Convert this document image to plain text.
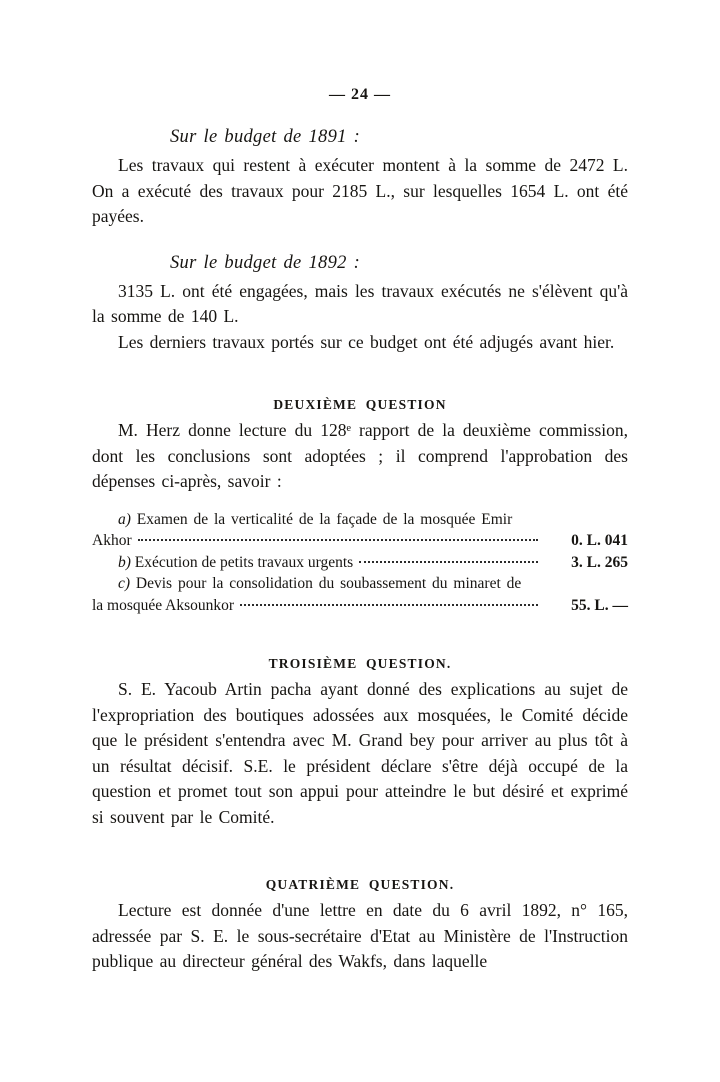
— 24 —
Sur le budget de 1891 :

Les travaux qui restent à exécuter montent à la somme de 2472 L. On a exécuté des travaux pour 2185 L., sur lesquelles 1654 L. ont été payées.

Sur le budget de 1892 :

3135 L. ont été engagées, mais les travaux exécutés ne s'élèvent qu'à la somme de 140 L.

Les derniers travaux portés sur ce budget ont été adjugés avant hier.

DEUXIÈME QUESTION

M. Herz donne lecture du 128ᵉ rapport de la deuxième commission, dont les conclusions sont adoptées ; il comprend l'approbation des dépenses ci-après, savoir :

a) Examen de la verticalité de la façade de la mosquée Emir
Akhor	0. L. 041
b) Exécution de petits travaux urgents	3. L. 265
c) Devis pour la consolidation du soubassement du minaret de
la mosquée Aksounkor	55. L. —
TROISIÈME QUESTION.

S. E. Yacoub Artin pacha ayant donné des explications au sujet de l'expropriation des boutiques adossées aux mosquées, le Comité décide que le président s'entendra avec M. Grand bey pour arriver au plus tôt à un résultat décisif. S.E. le président déclare s'être déjà occupé de la question et promet tout son appui pour atteindre le but désiré et exprimé si souvent par le Comité.

QUATRIÈME QUESTION.

Lecture est donnée d'une lettre en date du 6 avril 1892, n° 165, adressée par S. E. le sous-secrétaire d'Etat au Ministère de l'Instruction publique au directeur général des Wakfs, dans laquelle
